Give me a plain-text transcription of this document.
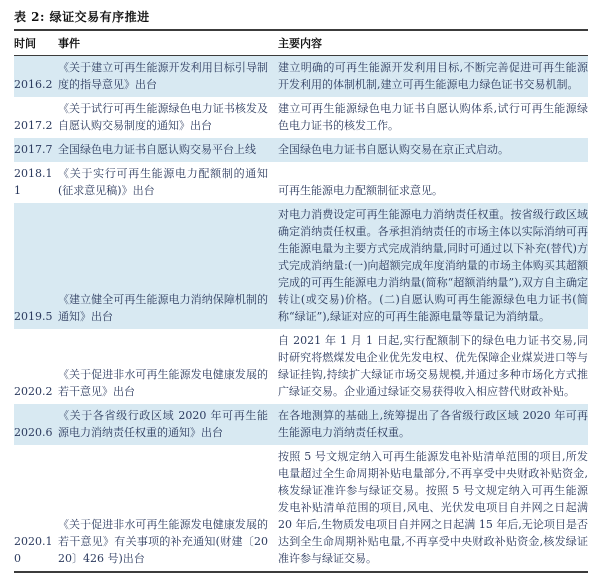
表 2: 绿证交易有序推进
时间	事件	主要内容
2016.2	《关于建立可再生能源开发利用目标引导制度的指导意见》出台	建立明确的可再生能源开发利用目标,不断完善促进可再生能源开发利用的体制机制,建立可再生能源电力绿色证书交易机制。
2017.2	《关于试行可再生能源绿色电力证书核发及自愿认购交易制度的通知》出台	建立可再生能源绿色电力证书自愿认购体系,试行可再生能源绿色电力证书的核发工作。
2017.7	全国绿色电力证书自愿认购交易平台上线	全国绿色电力证书自愿认购交易在京正式启动。
2018.11	《关于实行可再生能源电力配额制的通知(征求意见稿)》出台	可再生能源电力配额制征求意见。
2019.5	《建立健全可再生能源电力消纳保障机制的通知》出台	对电力消费设定可再生能源电力消纳责任权重。按省级行政区域确定消纳责任权重。各承担消纳责任的市场主体以实际消纳可再生能源电量为主要方式完成消纳量,同时可通过以下补充(替代)方式完成消纳量:(一)向超额完成年度消纳量的市场主体购买其超额完成的可再生能源电力消纳量(简称“超额消纳量”),双方自主确定转让(或交易)价格。(二)自愿认购可再生能源绿色电力证书(简称“绿证”),绿证对应的可再生能源电量等量记为消纳量。
2020.2	《关于促进非水可再生能源发电健康发展的若干意见》出台	自 2021 年 1 月 1 日起,实行配额制下的绿色电力证书交易,同时研究将燃煤发电企业优先发电权、优先保障企业煤炭进口等与绿证挂钩,持续扩大绿证市场交易规模,并通过多种市场化方式推广绿证交易。企业通过绿证交易获得收入相应替代财政补贴。
2020.6	《关于各省级行政区域 2020 年可再生能源电力消纳责任权重的通知》出台	在各地测算的基础上,统筹提出了各省级行政区域 2020 年可再生能源电力消纳责任权重。
2020.10	《关于促进非水可再生能源发电健康发展的若干意见》有关事项的补充通知(财建〔2020〕426 号)出台	按照 5 号文规定纳入可再生能源发电补贴清单范围的项目,所发电量超过全生命周期补贴电量部分,不再享受中央财政补贴资金,核发绿证准许参与绿证交易。按照 5 号文规定纳入可再生能源发电补贴清单范围的项目,风电、光伏发电项目自并网之日起满 20 年后,生物质发电项目自并网之日起满 15 年后,无论项目是否达到全生命周期补贴电量,不再享受中央财政补贴资金,核发绿证准许参与绿证交易。
